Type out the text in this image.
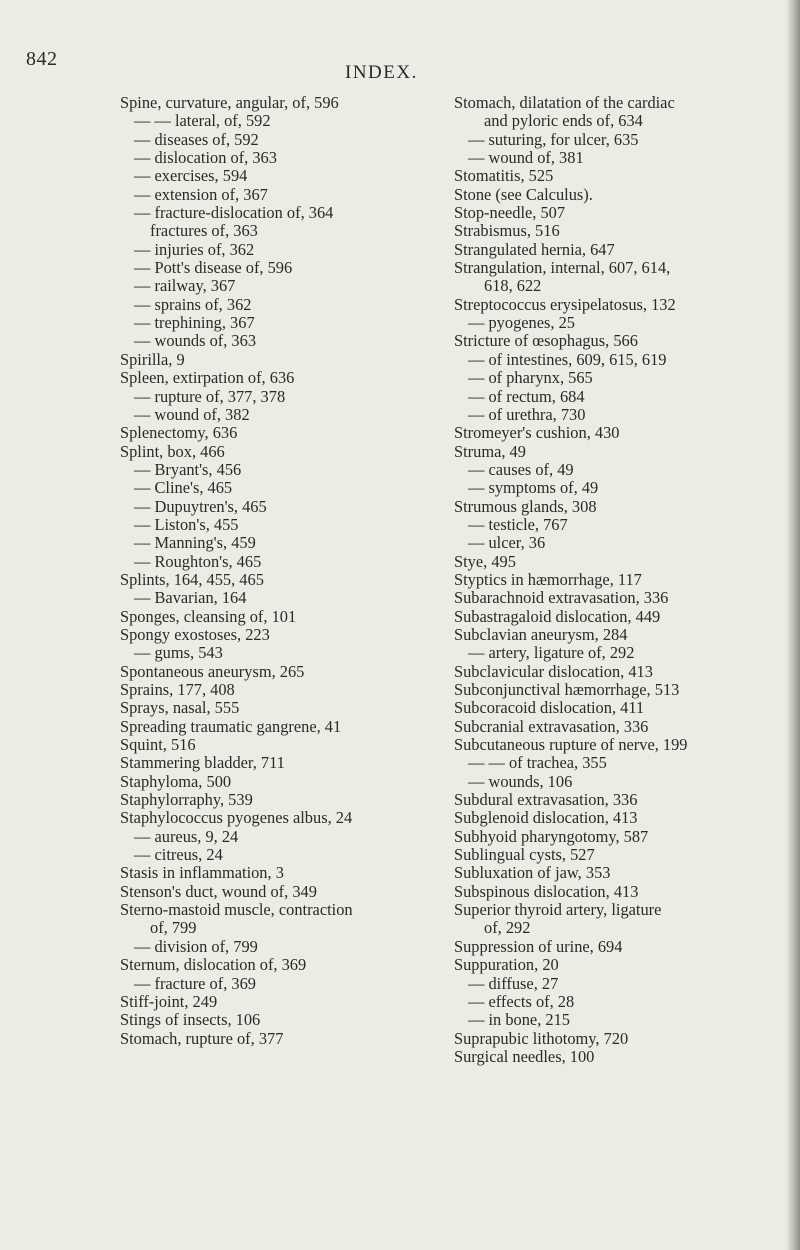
842
INDEX.
Spine, curvature, angular, of, 596
— — lateral, of, 592
— diseases of, 592
— dislocation of, 363
— exercises, 594
— extension of, 367
— fracture-dislocation of, 364
fractures of, 363
— injuries of, 362
— Pott's disease of, 596
— railway, 367
— sprains of, 362
— trephining, 367
— wounds of, 363
Spirilla, 9
Spleen, extirpation of, 636
— rupture of, 377, 378
— wound of, 382
Splenectomy, 636
Splint, box, 466
— Bryant's, 456
— Cline's, 465
— Dupuytren's, 465
— Liston's, 455
— Manning's, 459
— Roughton's, 465
Splints, 164, 455, 465
— Bavarian, 164
Sponges, cleansing of, 101
Spongy exostoses, 223
— gums, 543
Spontaneous aneurysm, 265
Sprains, 177, 408
Sprays, nasal, 555
Spreading traumatic gangrene, 41
Squint, 516
Stammering bladder, 711
Staphyloma, 500
Staphylorraphy, 539
Staphylococcus pyogenes albus, 24
— aureus, 9, 24
— citreus, 24
Stasis in inflammation, 3
Stenson's duct, wound of, 349
Sterno-mastoid muscle, contraction
of, 799
— division of, 799
Sternum, dislocation of, 369
— fracture of, 369
Stiff-joint, 249
Stings of insects, 106
Stomach, rupture of, 377
Stomach, dilatation of the cardiac
and pyloric ends of, 634
— suturing, for ulcer, 635
— wound of, 381
Stomatitis, 525
Stone (see Calculus).
Stop-needle, 507
Strabismus, 516
Strangulated hernia, 647
Strangulation, internal, 607, 614,
618, 622
Streptococcus erysipelatosus, 132
— pyogenes, 25
Stricture of œsophagus, 566
— of intestines, 609, 615, 619
— of pharynx, 565
— of rectum, 684
— of urethra, 730
Stromeyer's cushion, 430
Struma, 49
— causes of, 49
— symptoms of, 49
Strumous glands, 308
— testicle, 767
— ulcer, 36
Stye, 495
Styptics in hæmorrhage, 117
Subarachnoid extravasation, 336
Subastragaloid dislocation, 449
Subclavian aneurysm, 284
— artery, ligature of, 292
Subclavicular dislocation, 413
Subconjunctival hæmorrhage, 513
Subcoracoid dislocation, 411
Subcranial extravasation, 336
Subcutaneous rupture of nerve, 199
— — of trachea, 355
— wounds, 106
Subdural extravasation, 336
Subglenoid dislocation, 413
Subhyoid pharyngotomy, 587
Sublingual cysts, 527
Subluxation of jaw, 353
Subspinous dislocation, 413
Superior thyroid artery, ligature
of, 292
Suppression of urine, 694
Suppuration, 20
— diffuse, 27
— effects of, 28
— in bone, 215
Suprapubic lithotomy, 720
Surgical needles, 100
